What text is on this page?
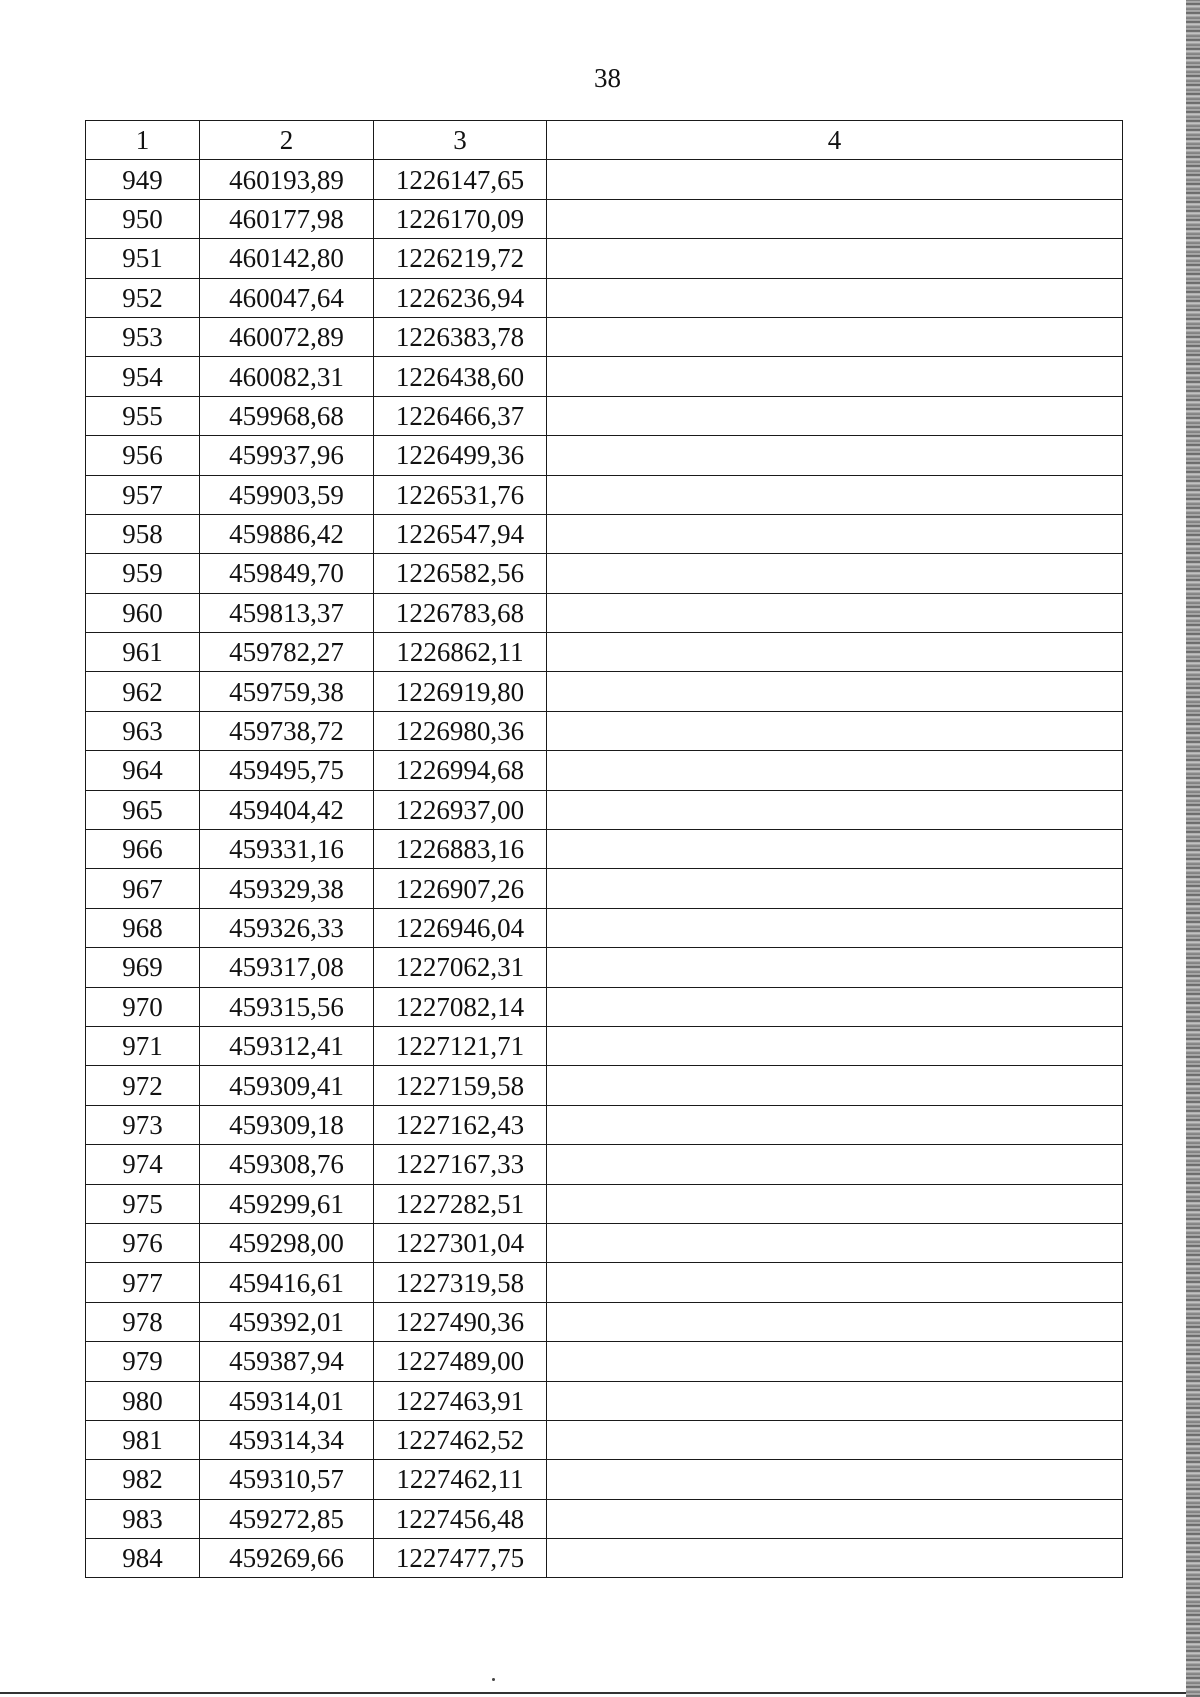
38
1	2	3	4
949	460193,89	1226147,65	
950	460177,98	1226170,09	
951	460142,80	1226219,72	
952	460047,64	1226236,94	
953	460072,89	1226383,78	
954	460082,31	1226438,60	
955	459968,68	1226466,37	
956	459937,96	1226499,36	
957	459903,59	1226531,76	
958	459886,42	1226547,94	
959	459849,70	1226582,56	
960	459813,37	1226783,68	
961	459782,27	1226862,11	
962	459759,38	1226919,80	
963	459738,72	1226980,36	
964	459495,75	1226994,68	
965	459404,42	1226937,00	
966	459331,16	1226883,16	
967	459329,38	1226907,26	
968	459326,33	1226946,04	
969	459317,08	1227062,31	
970	459315,56	1227082,14	
971	459312,41	1227121,71	
972	459309,41	1227159,58	
973	459309,18	1227162,43	
974	459308,76	1227167,33	
975	459299,61	1227282,51	
976	459298,00	1227301,04	
977	459416,61	1227319,58	
978	459392,01	1227490,36	
979	459387,94	1227489,00	
980	459314,01	1227463,91	
981	459314,34	1227462,52	
982	459310,57	1227462,11	
983	459272,85	1227456,48	
984	459269,66	1227477,75	
